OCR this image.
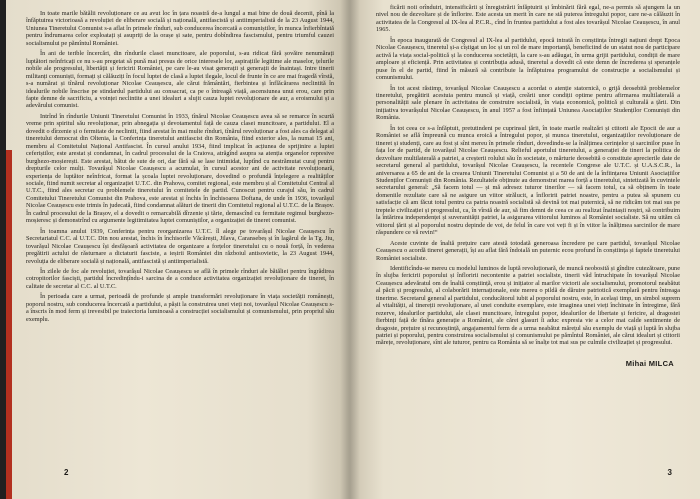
In toate marile bătălii revoluționare ce au avut loc în țara noastră de-a lungul a mai bine de două decenii, pînă la înfăptuirea victorioasă a revoluției de eliberare socială și națională, antifascistă și antiimperialistă de la 23 August 1944, Uniunea Tineretului Comunist s-a aflat în primele rînduri, sub conducerea încercată a comuniștilor, în munca înfierbîntată pentru îndrumarea celor exploatați și asupriți de la orașe și sate, pentru dobîndirea fascismului, pentru triumful cauzei socialismului pe pămîntul României.

În ani de terible încercări, din rîndurile clasei muncitoare, ale poporului, s-au ridicat fără șovăire nenumărați luptători neînfricați ce nu s-au pregetat să pună mai presus de orice interesele lor, aspirațiile legitime ale maselor, țelurile nobile ale progresului, libertății și fericirii României, pe care le-au visat generații și generații de înaintași. Intre tinerii militanți comuniști, formați și călăuziți în focul luptei de clasă a luptei ilegale, locul de frunte în ce are mai fragedă vîrstă, s-a numărat și tînărul revoluționar Nicolae Ceaușescu, ale cărui frământări, fierbintea și înflăcărarea neclintită în idealurile nobile înscrise pe stindardul partidului au consacrat, ca pe o întreagă viață, ascensiunea unui erou, care prin fapte demne de sacrificiu, a voinței neclintite a unei idealuri a slujit cauza luptei revoluționare de aur, a eroismului și a adevărului comunist.

Intrînd în rîndurile Uniunii Tineretului Comunist în 1933, tînărul Nicolae Ceaușescu avea să se remarce în scurtă vreme prin spiritul său revoluționar, prin abnegația și devotamentul față de cauza clasei muncitoare, a partidului. El a dovedit o dîrzenie și o fermitate de neclintit, fiind arestat în mai multe rînduri, tînărul revoluționar a fost ales ca delegat al tineretului democrat din Oltenia, la Conferința tineretului antifascist din România, fiind exterior ales, la numai 15 ani, membru al Comitetului Național Antifascist. În cursul anului 1934, fiind implicat în acțiunea de sprijinire a luptei ceferiștilor, este arestat și condamnat, în cadrul procesului de la Craiova, atrăgînd asupra sa atenția organelor represive burghezo-moșierești. Este arestat, bătut de sute de ori, dar fără să se lase intimidat, luptînd cu nestrămutat curaj pentru drepturile celor mulți. Tovarășul Nicolae Ceaușescu a acumulat, în cursul acestor ani de activitate revoluționară, experiența de luptător neînfricat, format la școala luptei revoluționare, dovedind o profundă înțelegere a realităților sociale, fiind numit secretar al organizației U.T.C. din Prahova, comitet regional, este membru și al Comitetului Central al U.T.C., fiind ales secretar cu problemele tineretului în comitetele de partid. Cunoscut pentru curajul său, în cadrul Comitetului Tineretului Comunist din Prahova, este arestat și închis în închisoarea Doftana, de unde în 1936, tovarășul Nicolae Ceaușescu este trimis în judecată, fiind condamnat alături de tinerii din Comitetul regional al U.T.C. de la Brașov. În cadrul procesului de la Brașov, el a dovedit o remarcabilă dîrzenie și tărie, demascînd cu fermitate regimul burghezo-moșieresc și demonstrînd cu argumente legitimitatea luptei comuniștilor, a organizației de tineret comunist.

În toamna anului 1939, Conferința pentru reorganizarea U.T.C. îl alege pe tovarășul Nicolae Ceaușescu în Secretariatul C.C. al U.T.C. Din nou arestat, închis în închisorile Văcărești, Jilava, Caransebeș și în lagărul de la Tg. Jiu, tovarășul Nicolae Ceaușescu își desfășoară activitatea de organizare a forțelor tineretului cu o nouă forță, în vederea pregătirii actului de răsturnare a dictaturii fasciste, a ieșirii României din războiul antisovietic, la 23 August 1944, revoluția de eliberare socială și națională, antifascistă și antiimperialistă.

În zilele de foc ale revoluției, tovarășul Nicolae Ceaușescu se află în primele rînduri ale bătăliei pentru îngrădirea cotropitorilor fasciști, partidul încredințîndu-i sarcina de a conduce activitatea organizației revoluționare de tineret, în calitate de secretar al C.C. al U.T.C.

În perioada care a urmat, perioadă de profunde și ample transformări revoluționare în viața societății românești, poporul nostru, sub conducerea încercată a partidului, a pășit la construirea unei vieți noi, tovarășul Nicolae Ceaușescu s-a înscris în mod ferm și irevesibil pe traiectoria luminoasă a construcției socialismului și comunismului, prin propriul său exemplu.

2

ficării noii orînduiri, intensificării și înregistrării înfăptuirii și îmbinării fără egal, ne-a permis să ajungem la un nivel nou de dezvoltare și de înflorire. Este acesta un merit în care ne stă puterea întregului popor, care ne-a călăuzit în activitatea de la Congresul al IX-lea al P.C.R., cînd în fruntea partidului a fost ales tovarășul Nicolae Ceaușescu, în anul 1965.

În epoca inaugurată de Congresul al IX-lea al partidului, epocă intrată în conștiința întregii națiuni drept Epoca Nicolae Ceaușescu, tineretul și-a cîștigat un loc și un rol de mare importanță, beneficiind de un statut nou de participare activă la viața social-politică și la conducerea societății, la care s-au adăugat, în urma grijii partidului, condiții de mare amploare și eficiență. Prin activitatea și contribuția adusă, tineretul a dovedit că este demn de încrederea și speranțele puse în el de partid, fiind în măsură să contribuie la înfăptuirea programului de construcție a socialismului și comunismului.

În tot acest răstimp, tovarășul Nicolae Ceaușescu a acordat o atenție statornică, o grijă deosebită problemelor tineretului, pregătirii acestuia pentru muncă și viață, creării unor condiții optime pentru afirmarea multilaterală a personalității sale plenare în activitatea de construire socialistă, în viața economică, politică și culturală a țării. Din inițiativa tovarășului Nicolae Ceaușescu, în anul 1957 a fost înființată Uniunea Asociațiilor Studenților Comuniști din România.

În tot ceea ce s-a înfăptuit, pretutindeni pe cuprinsul țării, în toate marile realizări și ctitorii ale Epocii de aur a României se află împreună cu munca eroică a întregului popor, și munca tineretului, organizațiilor revoluționare de tineret și studenți, care au fost și sînt mereu în primele rînduri, dovedindu-se la înălțimea cerințelor și sarcinilor puse în fața lor de partid, de tovarășul Nicolae Ceaușescu. Relieful aportului tineretului, a generației de tineri la politica de dezvoltare multilaterală a patriei, a creșterii rolului său în societate, o mărturie deosebită o constituie aprecierile date de secretarul general al partidului, tovarășul Nicolae Ceaușescu, la recentele Congrese ale U.T.C. și U.A.S.C.R., la aniversarea a 65 de ani de la crearea Uniunii Tineretului Comunist și a 50 de ani de la înființarea Uniunii Asociațiilor Studenților Comuniști din România. Rezultatele obținute au demonstrat marea forță a tineretului, sintetizată în cuvintele secretarului general: „Să facem totul — și mă adresez tuturor tinerilor — să facem totul, ca să obținem în toate domeniile rezultate care să ne asigure un viitor strălucit, a înfloririi patriei noastre, pentru a putea să spunem cu satisfacție că am făcut totul pentru ca patria noastră socialistă să devină tot mai puternică, să ne ridicăm tot mai sus pe treptele civilizației și progresului, ca, în vîrstă de aur, să fim demni de ceea ce au realizat înaintașii noștri, să contribuim la întărirea independenței și suveranității patriei, la asigurarea viitorului luminos al României socialiste. Să nu uităm că viitorul țării și al poporului nostru depinde de voi, de felul în care voi veți fi și în viitor la înălțimea sarcinilor de mare răspundere ce vă revin!“

Aceste cuvinte de înaltă prețuire care atestă totodată generoasa încredere pe care partidul, tovarășul Nicolae Ceaușescu o acordă tinerei generații, își au aflat fără îndoială un puternic ecou profund în conștiința și faptele tineretului României socialiste.

Identificîndu-se mereu cu modelul luminos de luptă revoluționară, de muncă neobosită și gîndire cutezătoare, pune în slujba fericirii poporului și înfloririi necontenite a patriei socialiste, tinerii văd întruchipate în tovarășul Nicolae Ceaușescu adevăratul om de înaltă conștiință, erou și inițiator al marilor victorii ale socialismului, promotorul neabătut al păcii și progresului, al colaborării internaționale, este mereu o pildă de dăruire patriotică exemplară pentru întreaga tinerime. Secretarul general al partidului, conducătorul iubit al poporului nostru, este, în același timp, un simbol suprem al vitalității, al tinereții revoluționare, al unei conduite exemplare, este imaginea unei vieți închinate în întregime, fără rezerve, idealurilor partidului, ale clasei muncitoare, întregului popor, idealurilor de libertate și fericire, al dragostei fierbinți față de tînăra generație a României, ale cărei glasuri îi aduc expresia vie a celor mai calde sentimente de dragoste, prețuire și recunoștință, angajamentul ferm de a urma neabătut mărețul său exemplu de viață și luptă în slujba patriei și poporului, pentru construirea socialismului și comunismului pe pămîntul României, ale cărui idealuri și ctitorii mărețe, revoluționare, sînt ale tuturor, pentru ca România să se înalțe tot mai sus pe culmile civilizației și progresului.

Mihai MILCA
3
